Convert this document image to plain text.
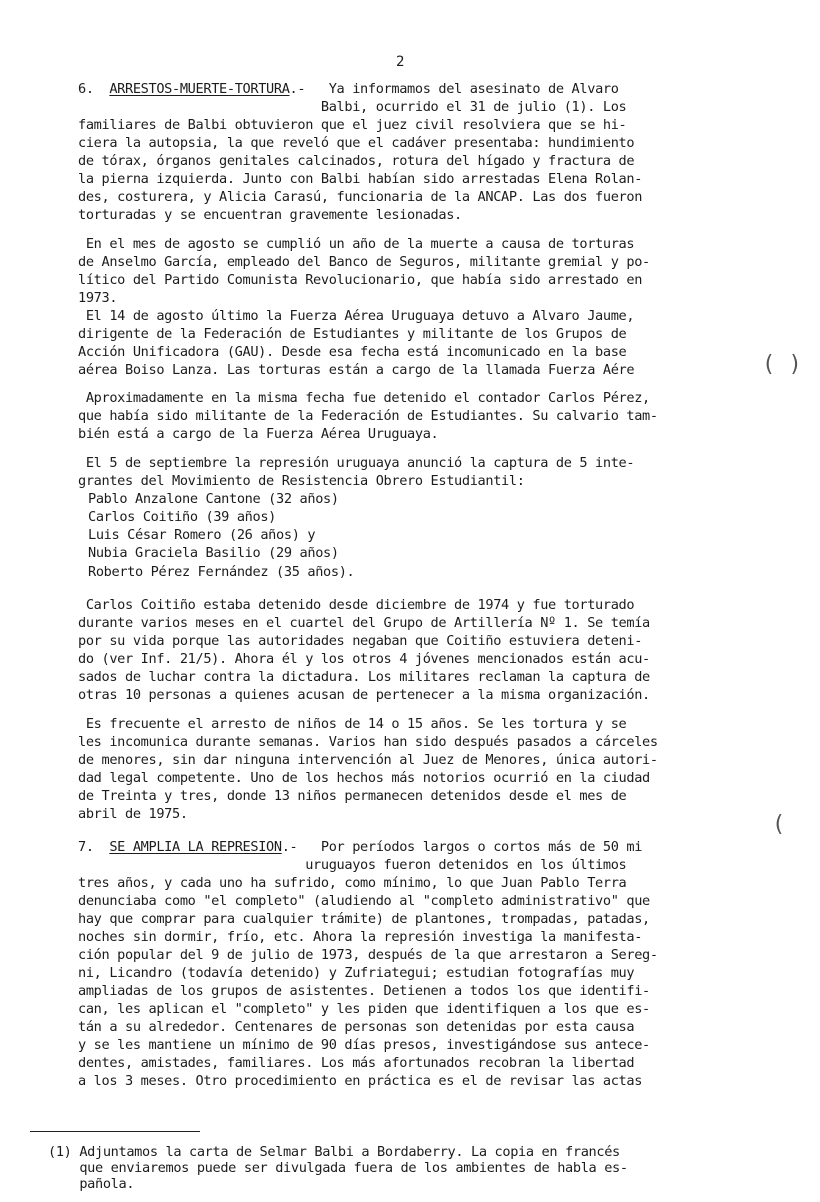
2
6. ARRESTOS-MUERTE-TORTURA.-   Ya informamos del asesinato de Alvaro
Balbi, ocurrido el 31 de julio (1). Los
familiares de Balbi obtuvieron que el juez civil resolviera que se hi-
ciera la autopsia, la que reveló que el cadáver presentaba: hundimiento
de tórax, órganos genitales calcinados, rotura del hígado y fractura de
la pierna izquierda. Junto con Balbi habían sido arrestadas Elena Rolan-
des, costurera, y Alicia Carasú, funcionaria de la ANCAP. Las dos fueron
torturadas y se encuentran gravemente lesionadas.
En el mes de agosto se cumplió un año de la muerte a causa de torturas
de Anselmo García, empleado del Banco de Seguros, militante gremial y po-
lítico del Partido Comunista Revolucionario, que había sido arrestado en
1973.
El 14 de agosto último la Fuerza Aérea Uruguaya detuvo a Alvaro Jaume,
dirigente de la Federación de Estudiantes y militante de los Grupos de
Acción Unificadora (GAU). Desde esa fecha está incomunicado en la base
aérea Boiso Lanza. Las torturas están a cargo de la llamada Fuerza Aére	( )
Aproximadamente en la misma fecha fue detenido el contador Carlos Pérez,
que había sido militante de la Federación de Estudiantes. Su calvario tam-
bién está a cargo de la Fuerza Aérea Uruguaya.
El 5 de septiembre la represión uruguaya anunció la captura de 5 inte-
grantes del Movimiento de Resistencia Obrero Estudiantil:
Pablo Anzalone Cantone (32 años)
Carlos Coitiño (39 años)
Luis César Romero (26 años) y
Nubia Graciela Basilio (29 años)
Roberto Pérez Fernández (35 años).
Carlos Coitiño estaba detenido desde diciembre de 1974 y fue torturado
durante varios meses en el cuartel del Grupo de Artillería Nº 1. Se temía
por su vida porque las autoridades negaban que Coitiño estuviera deteni-
do (ver Inf. 21/5). Ahora él y los otros 4 jóvenes mencionados están acu-
sados de luchar contra la dictadura. Los militares reclaman la captura de
otras 10 personas a quienes acusan de pertenecer a la misma organización.
Es frecuente el arresto de niños de 14 o 15 años. Se les tortura y se
les incomunica durante semanas. Varios han sido después pasados a cárceles
de menores, sin dar ninguna intervención al Juez de Menores, única autori-
dad legal competente. Uno de los hechos más notorios ocurrió en la ciudad
de Treinta y tres, donde 13 niños permanecen detenidos desde el mes de
abril de 1975.
7. SE AMPLIA LA REPRESION.-   Por períodos largos o cortos más de 50 mi
(
uruguayos fueron detenidos en los últimos
tres años, y cada uno ha sufrido, como mínimo, lo que Juan Pablo Terra
denunciaba como "el completo" (aludiendo al "completo administrativo" que
hay que comprar para cualquier trámite) de plantones, trompadas, patadas,
noches sin dormir, frío, etc. Ahora la represión investiga la manifesta-
ción popular del 9 de julio de 1973, después de la que arrestaron a Sereg-
ni, Licandro (todavía detenido) y Zufriategui; estudian fotografías muy
ampliadas de los grupos de asistentes. Detienen a todos los que identifi-
can, les aplican el "completo" y les piden que identifiquen a los que es-
tán a su alrededor. Centenares de personas son detenidas por esta causa
y se les mantiene un mínimo de 90 días presos, investigándose sus antece-
dentes, amistades, familiares. Los más afortunados recobran la libertad
a los 3 meses. Otro procedimiento en práctica es el de revisar las actas
(1) Adjuntamos la carta de Selmar Balbi a Bordaberry. La copia en francés
que enviaremos puede ser divulgada fuera de los ambientes de habla es-
pañola.
